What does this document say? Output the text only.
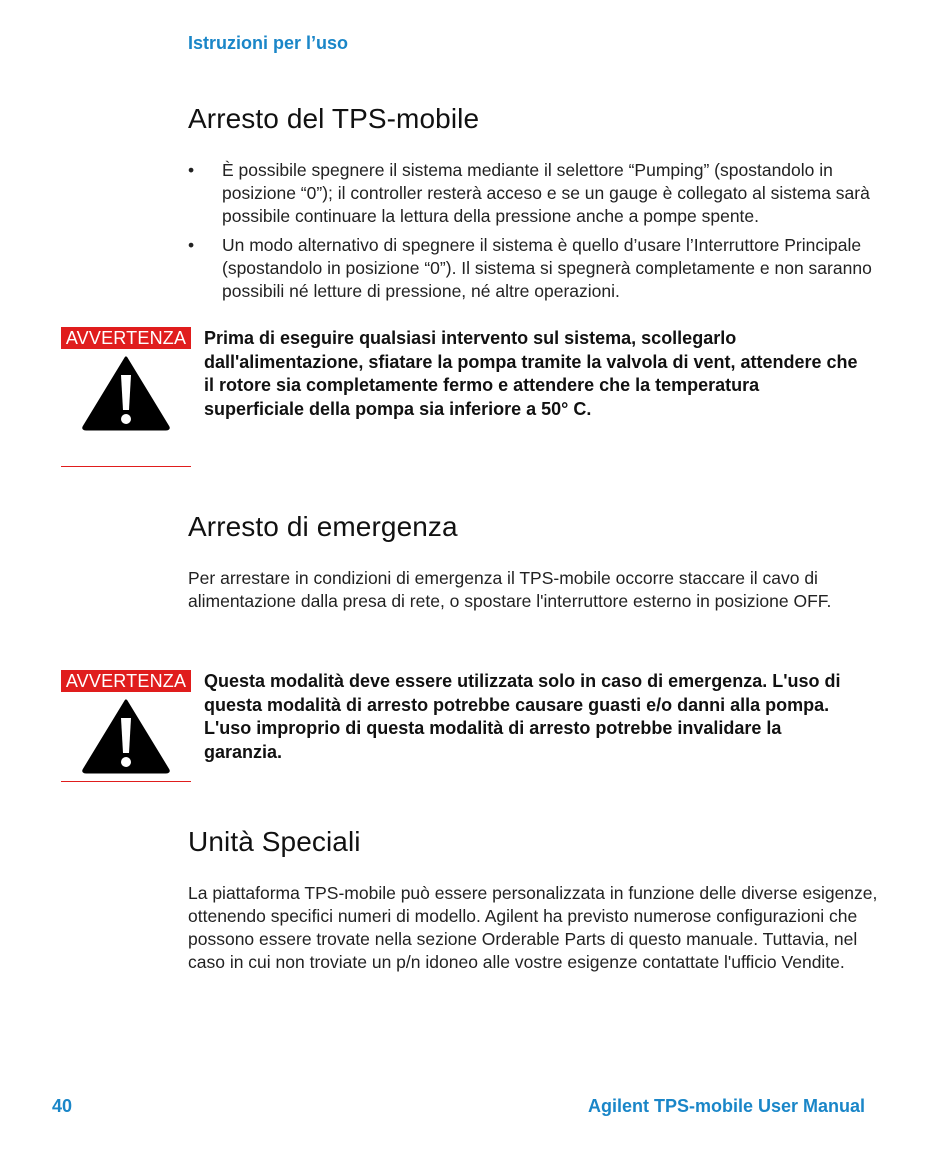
Istruzioni per l’uso
Arresto del TPS-mobile
• È possibile spegnere il sistema mediante il selettore “Pumping” (spostandolo in posizione “0”); il controller resterà acceso e se un gauge è collegato al sistema sarà possibile continuare la lettura della pressione anche a pompe spente.
• Un modo alternativo di spegnere il sistema è quello d’usare l’Interruttore Principale (spostandolo in posizione “0”). Il sistema si spegnerà completamente e non saranno possibili né letture di pressione, né altre operazioni.
AVVERTENZA Prima di eseguire qualsiasi intervento sul sistema, scollegarlo dall'alimentazione, sfiatare la pompa tramite la valvola di vent, attendere che il rotore sia completamente fermo e attendere che la temperatura superficiale della pompa sia inferiore a 50° C.

Arresto di emergenza

Per arrestare in condizioni di emergenza il TPS-mobile occorre staccare il cavo di alimentazione dalla presa di rete, o spostare l'interruttore esterno in posizione OFF.

AVVERTENZA Questa modalità deve essere utilizzata solo in caso di emergenza. L'uso di questa modalità di arresto potrebbe causare guasti e/o danni alla pompa. L'uso improprio di questa modalità di arresto potrebbe invalidare la garanzia.

Unità Speciali

La piattaforma TPS-mobile può essere personalizzata in funzione delle diverse esigenze, ottenendo specifici numeri di modello. Agilent ha previsto numerose configurazioni che possono essere trovate nella sezione Orderable Parts di questo manuale. Tuttavia, nel caso in cui non troviate un p/n idoneo alle vostre esigenze contattate l'ufficio Vendite.

40	Agilent TPS-mobile User Manual
